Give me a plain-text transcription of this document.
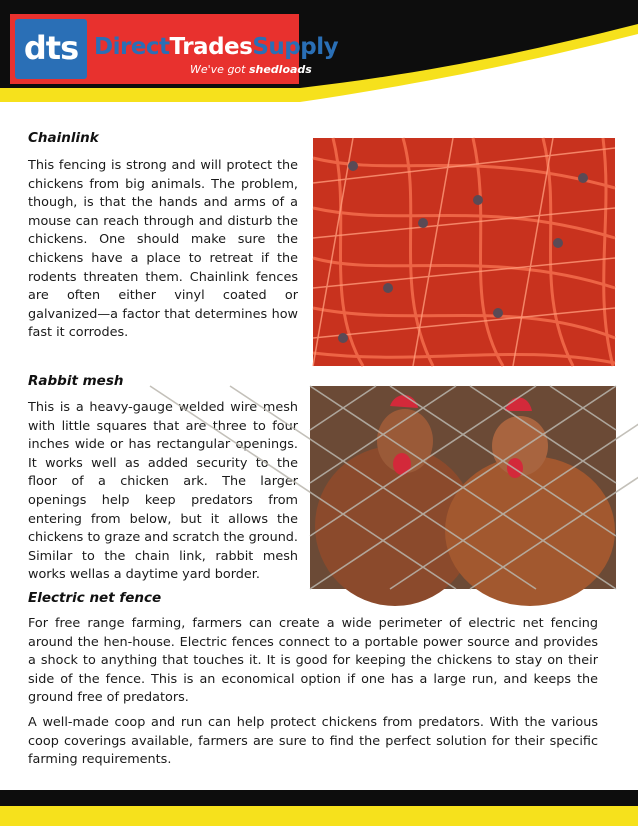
dts DirectTradesSupply
We've got shedloads
Chainlink

This fencing is strong and will protect the chickens from big animals. The problem, though, is that the hands and arms of a mouse can reach through and disturb the chickens. One should make sure the chickens have a place to retreat if the rodents threaten them. Chainlink fences are often either vinyl coated or galvanized—a factor that determines how fast it corrodes.

Rabbit mesh

This is a heavy-gauge welded wire mesh with little squares that are three to four inches wide or has rectangular openings. It works well as added security to the floor of a chicken ark. The larger openings help keep predators from entering from below, but it allows the chickens to graze and scratch the ground. Similar to the chain link, rabbit mesh works wellas a daytime yard border.

Electric net fence

For free range farming, farmers can create a wide perimeter of electric net fencing around the hen-house. Electric fences connect to a portable power source and provides a shock to anything that touches it. It is good for keeping the chickens to stay on their side of the fence. This is an economical option if one has a large run, and keeps the ground free of predators.

A well-made coop and run can help protect chickens from predators. With the various coop coverings available, farmers are sure to find the perfect solution for their specific farming requirements.
